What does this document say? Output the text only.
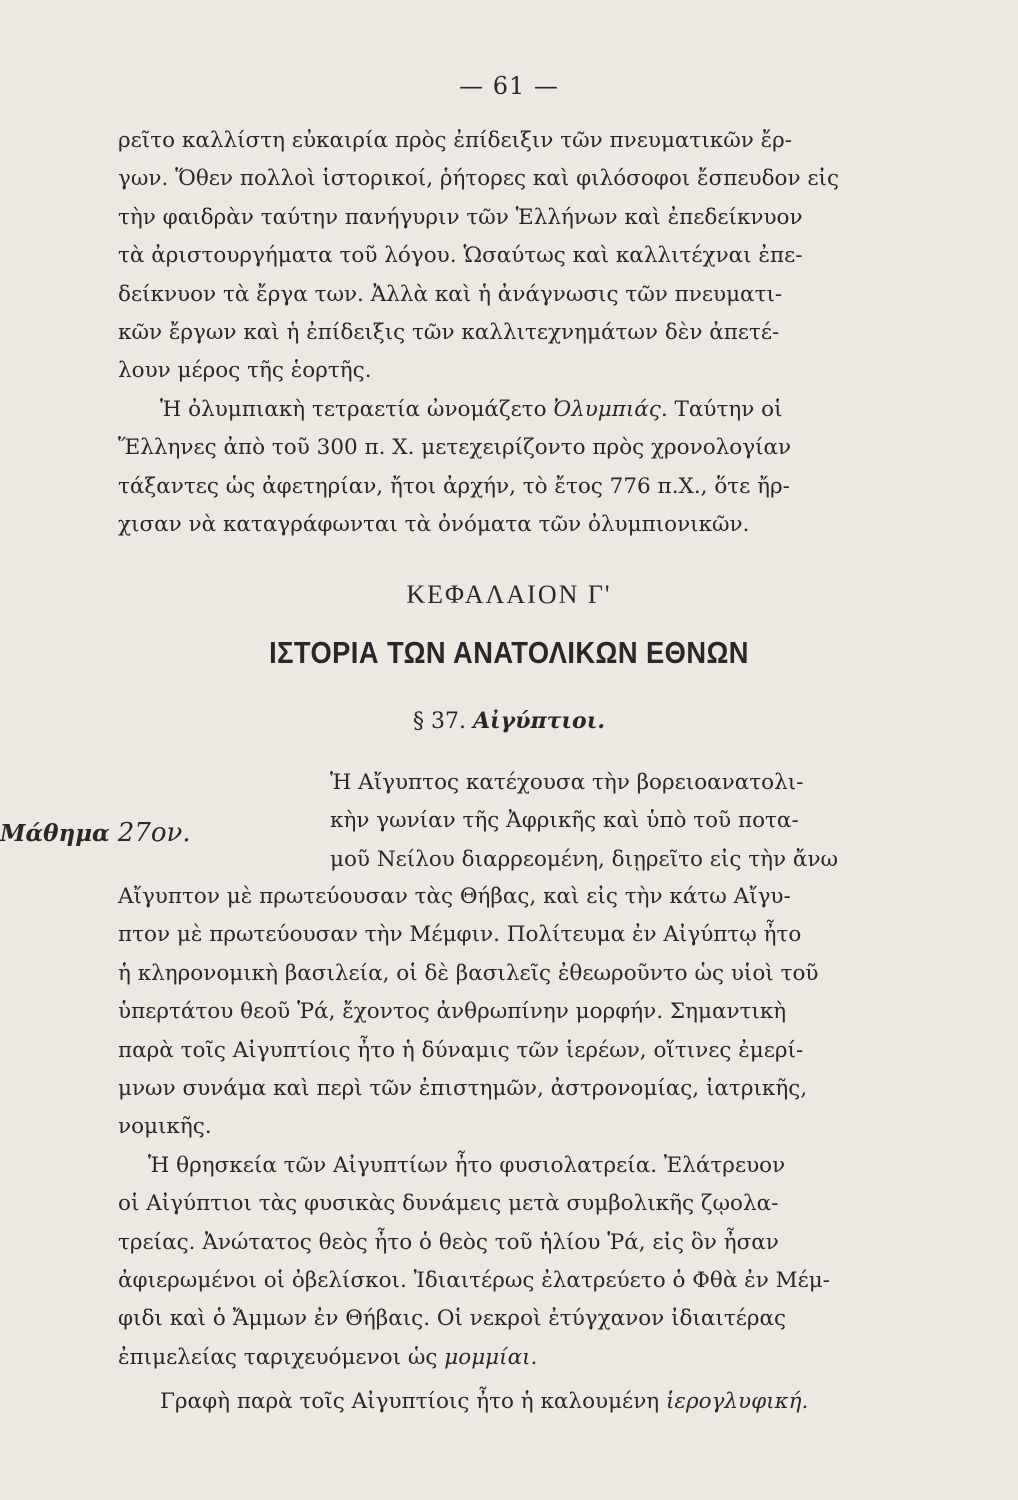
— 61 —
ρεῖτο καλλίστη εὐκαιρία πρὸς ἐπίδειξιν τῶν πνευματικῶν ἔρ-
γων. Ὅθεν πολλοὶ ἱστορικοί, ῥήτορες καὶ φιλόσοφοι ἔσπευδον εἰς
τὴν φαιδρὰν ταύτην πανήγυριν τῶν Ἑλλήνων καὶ ἐπεδείκνυον
τὰ ἀριστουργήματα τοῦ λόγου. Ὡσαύτως καὶ καλλιτέχναι ἐπε-
δείκνυον τὰ ἔργα των. Ἀλλὰ καὶ ἡ ἀνάγνωσις τῶν πνευματι-
κῶν ἔργων καὶ ἡ ἐπίδειξις τῶν καλλιτεχνημάτων δὲν ἀπετέ-
λουν μέρος τῆς ἑορτῆς.
Ἡ ὀλυμπιακὴ τετραετία ὠνομάζετο Ὀλυμπιάς. Ταύτην οἱ
Ἕλληνες ἀπὸ τοῦ 300 π. Χ. μετεχειρίζοντο πρὸς χρονολογίαν
τάξαντες ὡς ἀφετηρίαν, ἤτοι ἀρχήν, τὸ ἔτος 776 π.Χ., ὅτε ἤρ-
χισαν νὰ καταγράφωνται τὰ ὀνόματα τῶν ὀλυμπιονικῶν.
ΚΕΦΑΛΑΙΟΝ Γ'
ΙΣΤΟΡΙΑ ΤΩΝ ΑΝΑΤΟΛΙΚΩΝ ΕΘΝΩΝ
§ 37. Αἰγύπτιοι.
Μάθημα 27ον.
Ἡ Αἴγυπτος κατέχουσα τὴν βορειοανατολι-
κὴν γωνίαν τῆς Ἀφρικῆς καὶ ὑπὸ τοῦ ποτα-
μοῦ Νείλου διαρρεομένη, διῃρεῖτο εἰς τὴν ἄνω
Αἴγυπτον μὲ πρωτεύουσαν τὰς Θήβας, καὶ εἰς τὴν κάτω Αἴγυ-
πτον μὲ πρωτεύουσαν τὴν Μέμφιν. Πολίτευμα ἐν Αἰγύπτῳ ἦτο
ἡ κληρονομικὴ βασιλεία, οἱ δὲ βασιλεῖς ἐθεωροῦντο ὡς υἱοὶ τοῦ
ὑπερτάτου θεοῦ Ῥά, ἔχοντος ἀνθρωπίνην μορφήν. Σημαντικὴ
παρὰ τοῖς Αἰγυπτίοις ἦτο ἡ δύναμις τῶν ἱερέων, οἵτινες ἐμερί-
μνων συνάμα καὶ περὶ τῶν ἐπιστημῶν, ἀστρονομίας, ἰατρικῆς,
νομικῆς.
Ἡ θρησκεία τῶν Αἰγυπτίων ἦτο φυσιολατρεία. Ἐλάτρευον
οἱ Αἰγύπτιοι τὰς φυσικὰς δυνάμεις μετὰ συμβολικῆς ζῳολα-
τρείας. Ἀνώτατος θεὸς ἦτο ὁ θεὸς τοῦ ἡλίου Ῥά, εἰς ὃν ἦσαν
ἀφιερωμένοι οἱ ὀβελίσκοι. Ἰδιαιτέρως ἐλατρεύετο ὁ Φθὰ ἐν Μέμ-
φιδι καὶ ὁ Ἄμμων ἐν Θήβαις. Οἱ νεκροὶ ἐτύγχανον ἰδιαιτέρας
ἐπιμελείας ταριχευόμενοι ὡς μομμίαι.
Γραφὴ παρὰ τοῖς Αἰγυπτίοις ἦτο ἡ καλουμένη ἱερογλυφική.
